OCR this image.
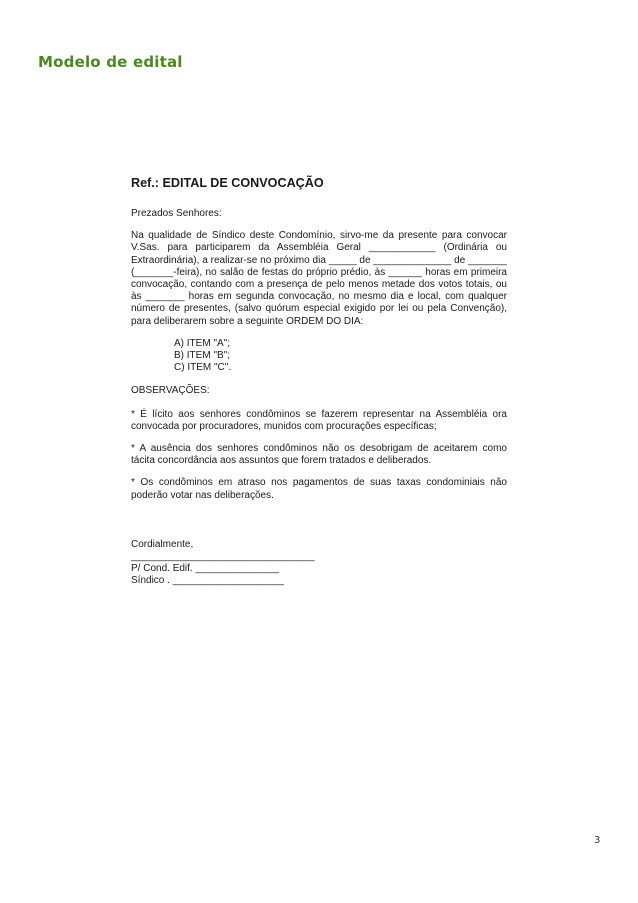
Modelo de edital
Ref.: EDITAL DE CONVOCAÇÃO
Prezados Senhores:

Na qualidade de Síndico deste Condomínio, sirvo-me da presente para convocar V.Sas. para participarem da Assembléia Geral ____________ (Ordinária ou Extraordinária), a realizar-se no próximo dia _____ de ______________ de _______ (_______-feira), no salão de festas do próprio prédio, às ______ horas em primeira convocação, contando com a presença de pelo menos metade dos votos totais, ou às _______ horas em segunda convocação, no mesmo dia e local, com qualquer número de presentes, (salvo quórum especial exigido por lei ou pela Convenção), para deliberarem sobre a seguinte ORDEM DO DIA:

A) ITEM "A";
B) ITEM "B";
C) ITEM "C".
OBSERVAÇÕES:

* É lícito aos senhores condôminos se fazerem representar na Assembléia ora convocada por procuradores, munidos com procurações específicas;

* A ausência dos senhores condôminos não os desobrigam de aceitarem como tácita concordância aos assuntos que forem tratados e deliberados.

* Os condôminos em atraso nos pagamentos de suas taxas condominiais não poderão votar nas deliberações.

Cordialmente,
_________________________________
P/ Cond. Edif. _______________
Síndico . ____________________
3
